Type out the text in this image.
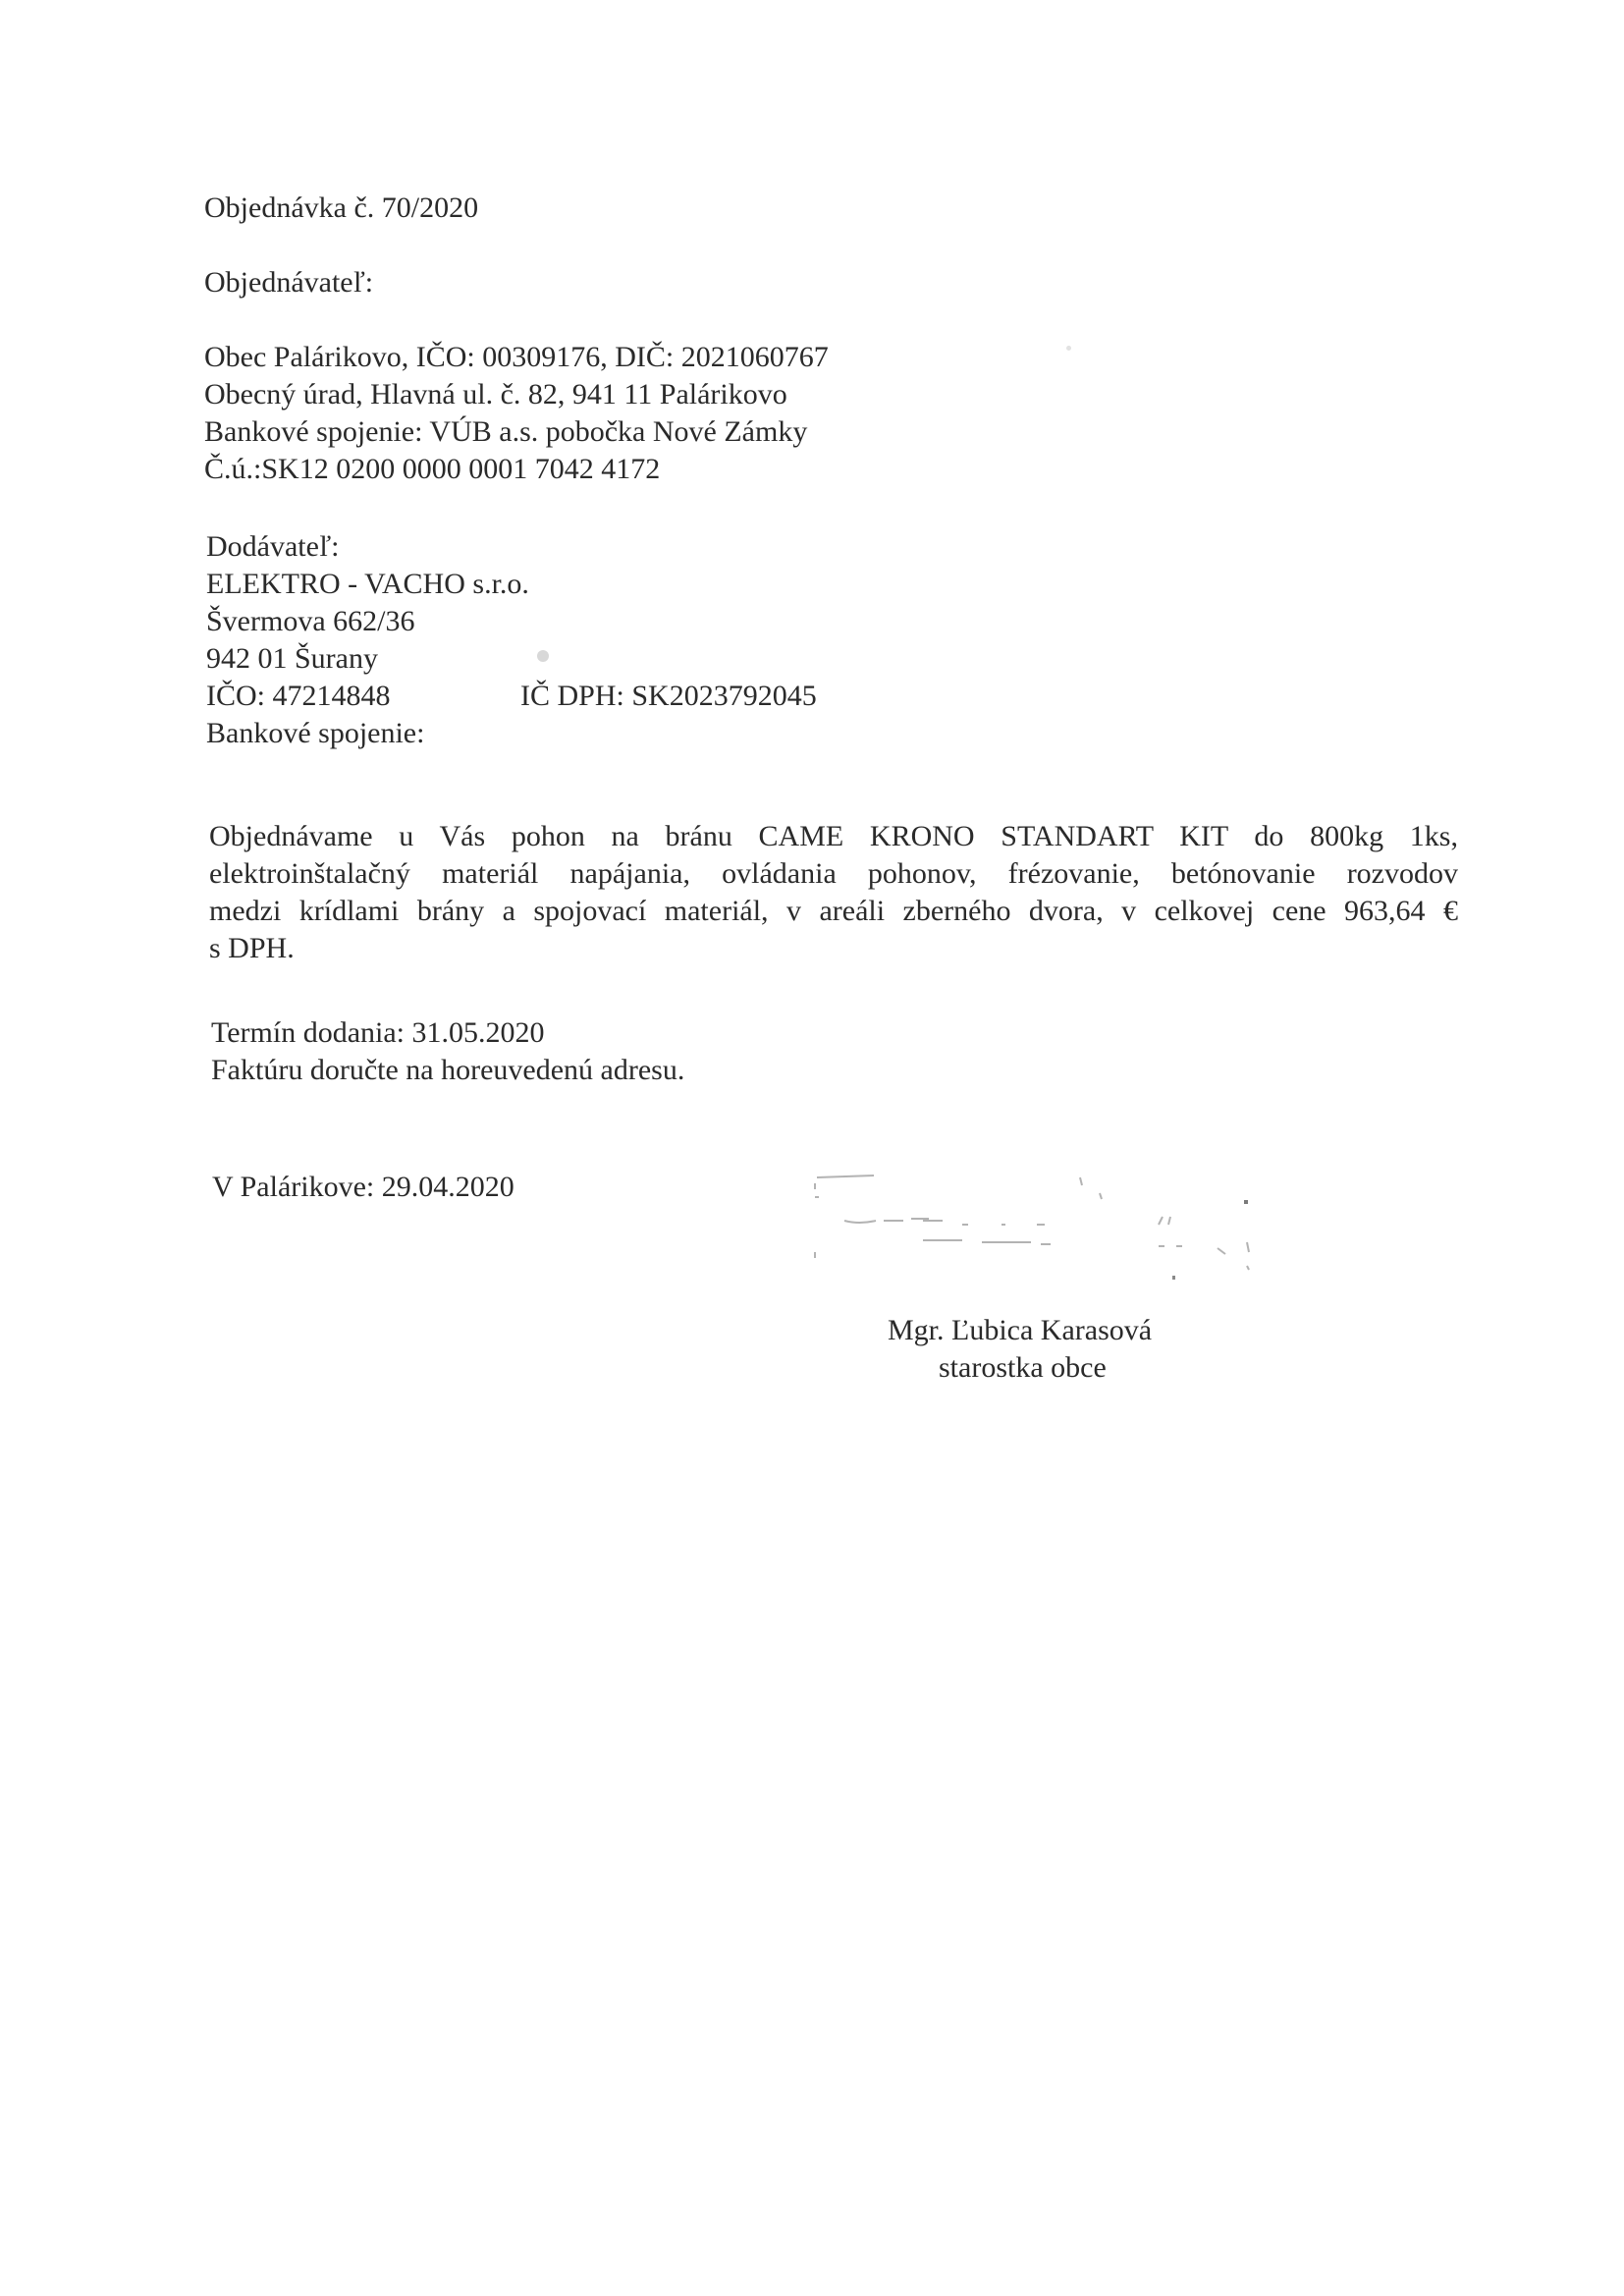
Objednávka č. 70/2020
Objednávateľ:
Obec Palárikovo, IČO: 00309176, DIČ: 2021060767
Obecný úrad, Hlavná ul. č. 82, 941 11 Palárikovo
Bankové spojenie: VÚB a.s. pobočka Nové Zámky
Č.ú.:SK12 0200 0000 0001 7042 4172
Dodávateľ:
ELEKTRO - VACHO s.r.o.
Švermova 662/36
942 01 Šurany
IČO: 47214848
Bankové spojenie:
IČ DPH: SK2023792045
Objednávame u Vás pohon na bránu CAME KRONO STANDART KIT do 800kg 1ks,
elektroinštalačný materiál napájania, ovládania pohonov, frézovanie, betónovanie rozvodov
medzi krídlami brány a spojovací materiál, v areáli zberného dvora, v celkovej cene 963,64 €
s DPH.
Termín dodania: 31.05.2020
Faktúru doručte na horeuvedenú adresu.
V Palárikove: 29.04.2020
Mgr. Ľubica Karasová
starostka obce
